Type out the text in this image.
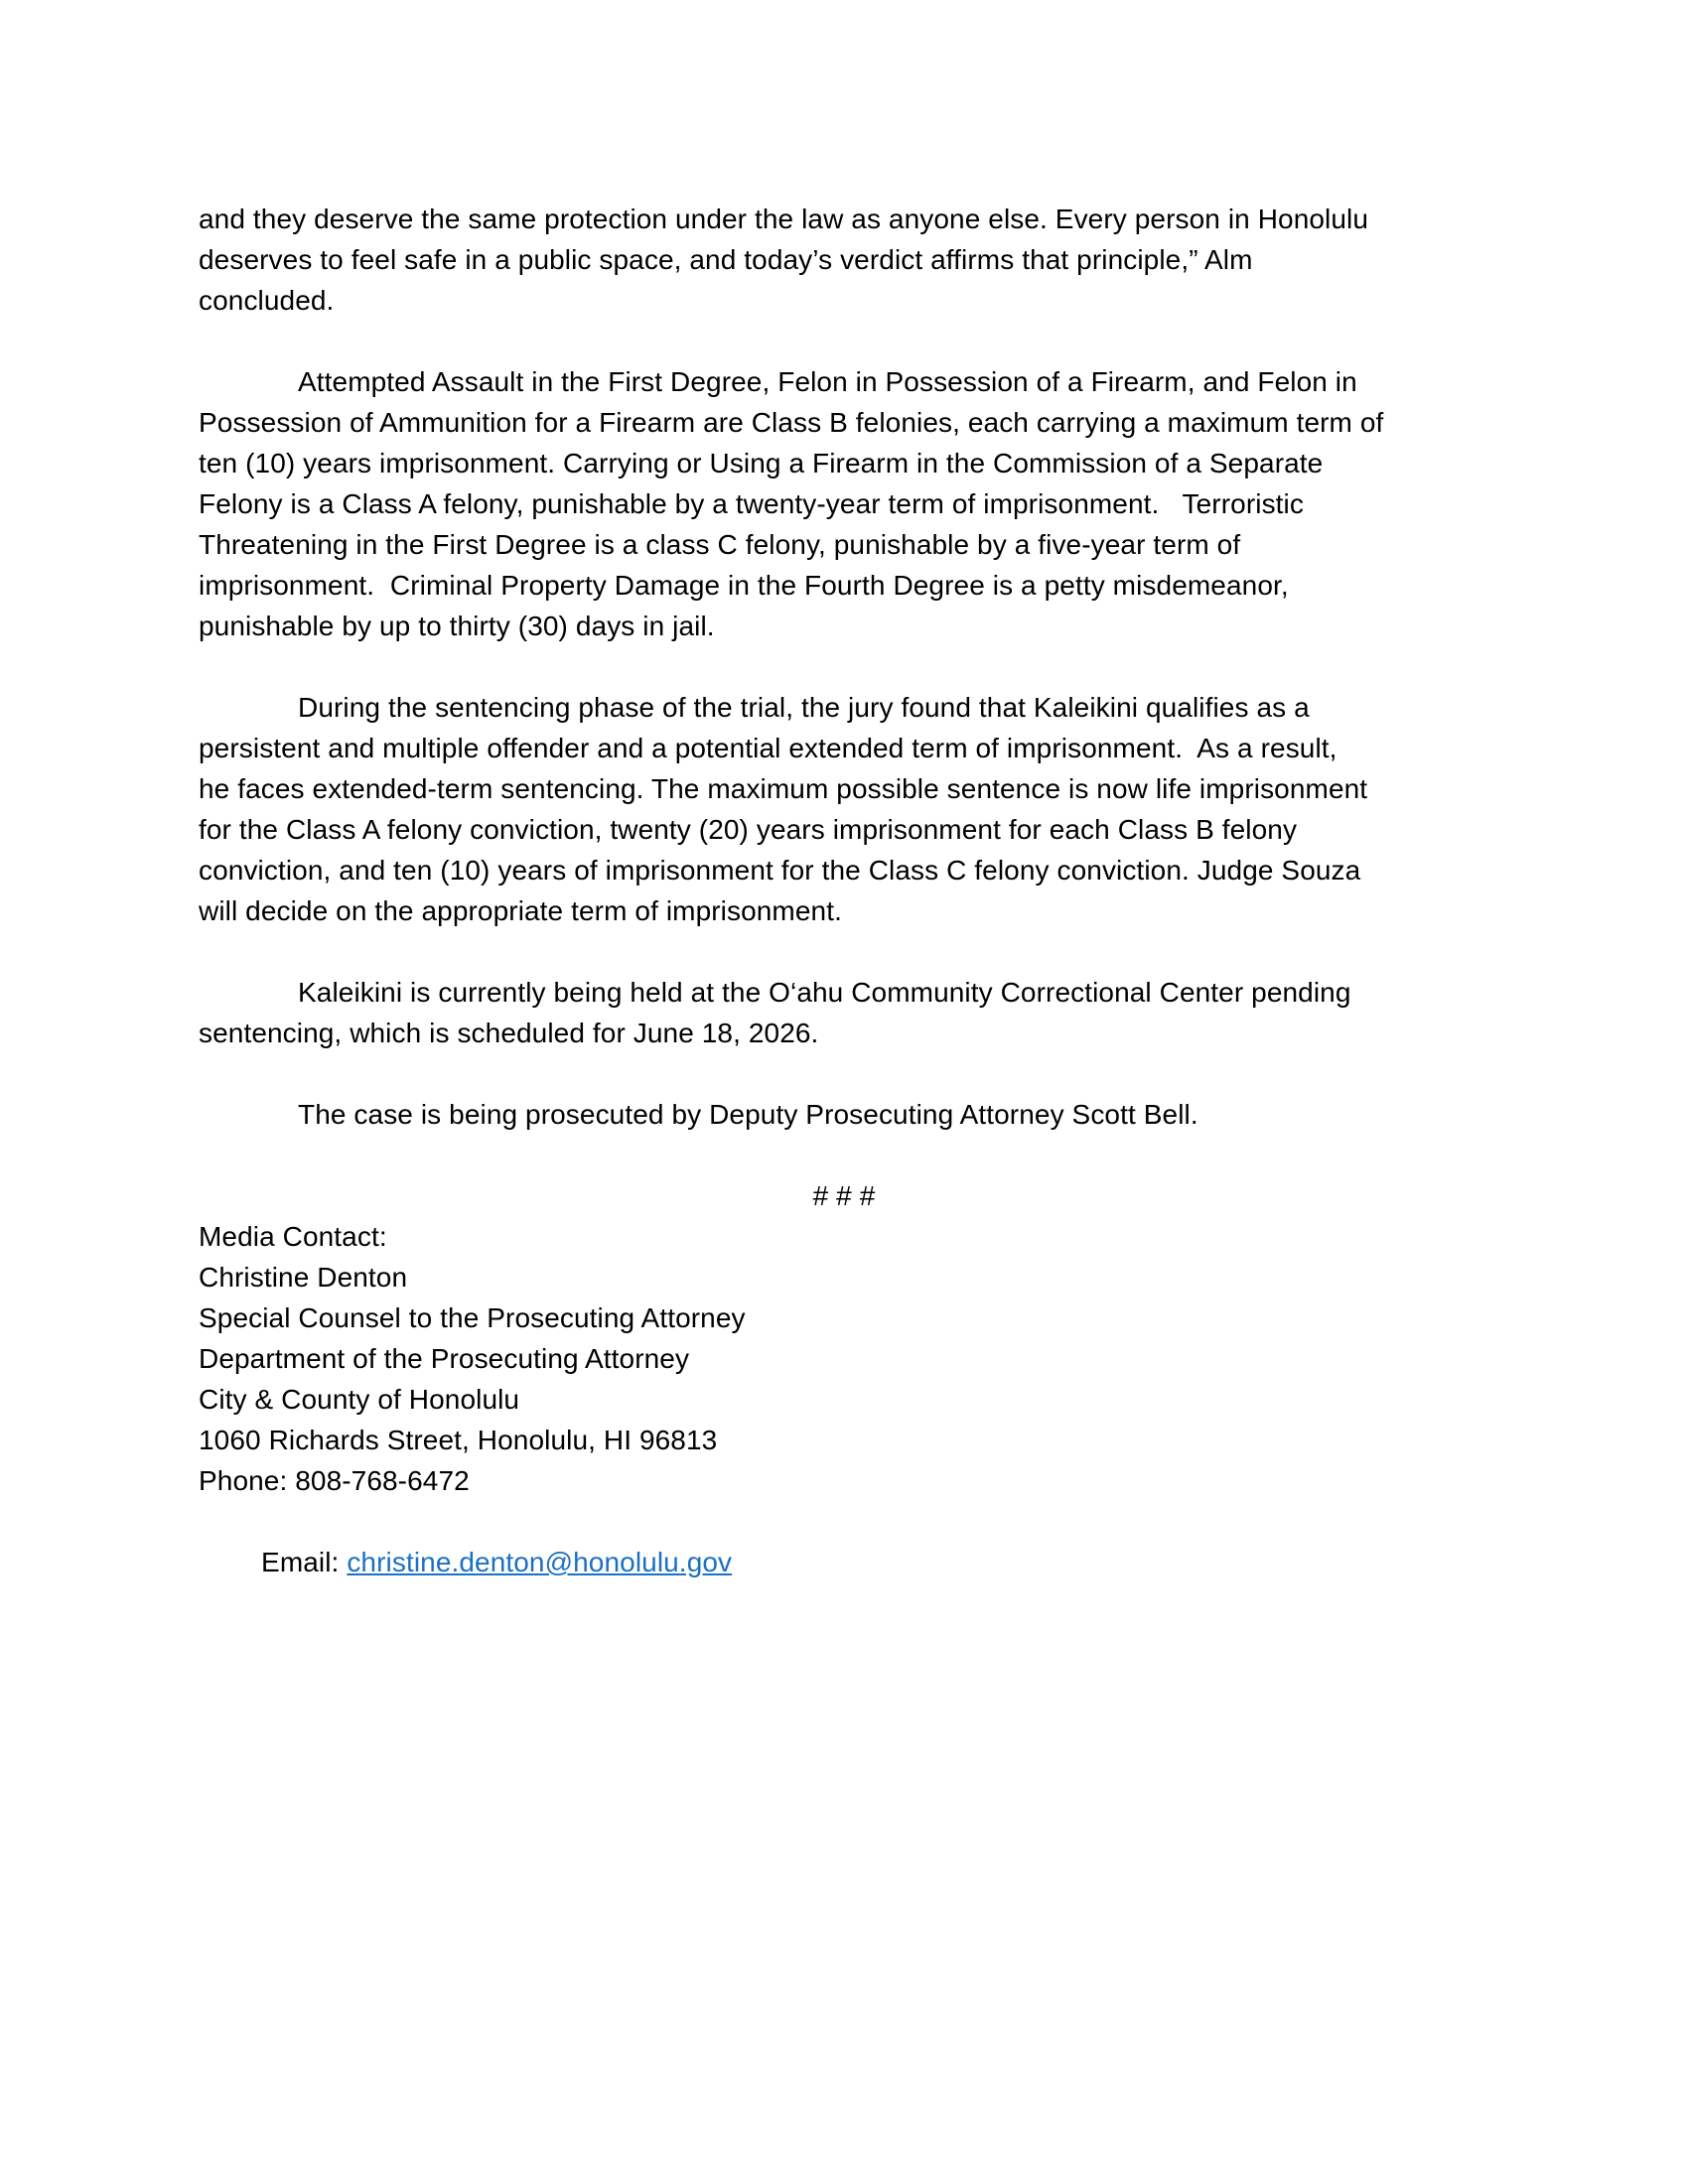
and they deserve the same protection under the law as anyone else. Every person in Honolulu
deserves to feel safe in a public space, and today’s verdict affirms that principle,” Alm
concluded.
Attempted Assault in the First Degree, Felon in Possession of a Firearm, and Felon in
Possession of Ammunition for a Firearm are Class B felonies, each carrying a maximum term of
ten (10) years imprisonment. Carrying or Using a Firearm in the Commission of a Separate
Felony is a Class A felony, punishable by a twenty-year term of imprisonment.   Terroristic
Threatening in the First Degree is a class C felony, punishable by a five-year term of
imprisonment.  Criminal Property Damage in the Fourth Degree is a petty misdemeanor,
punishable by up to thirty (30) days in jail.
During the sentencing phase of the trial, the jury found that Kaleikini qualifies as a
persistent and multiple offender and a potential extended term of imprisonment.  As a result,
he faces extended-term sentencing. The maximum possible sentence is now life imprisonment
for the Class A felony conviction, twenty (20) years imprisonment for each Class B felony
conviction, and ten (10) years of imprisonment for the Class C felony conviction. Judge Souza
will decide on the appropriate term of imprisonment.
Kaleikini is currently being held at the O‘ahu Community Correctional Center pending
sentencing, which is scheduled for June 18, 2026.
The case is being prosecuted by Deputy Prosecuting Attorney Scott Bell.
# # #
Media Contact:
Christine Denton
Special Counsel to the Prosecuting Attorney
Department of the Prosecuting Attorney
City & County of Honolulu
1060 Richards Street, Honolulu, HI 96813
Phone: 808-768-6472

Email: christine.denton@honolulu.gov
